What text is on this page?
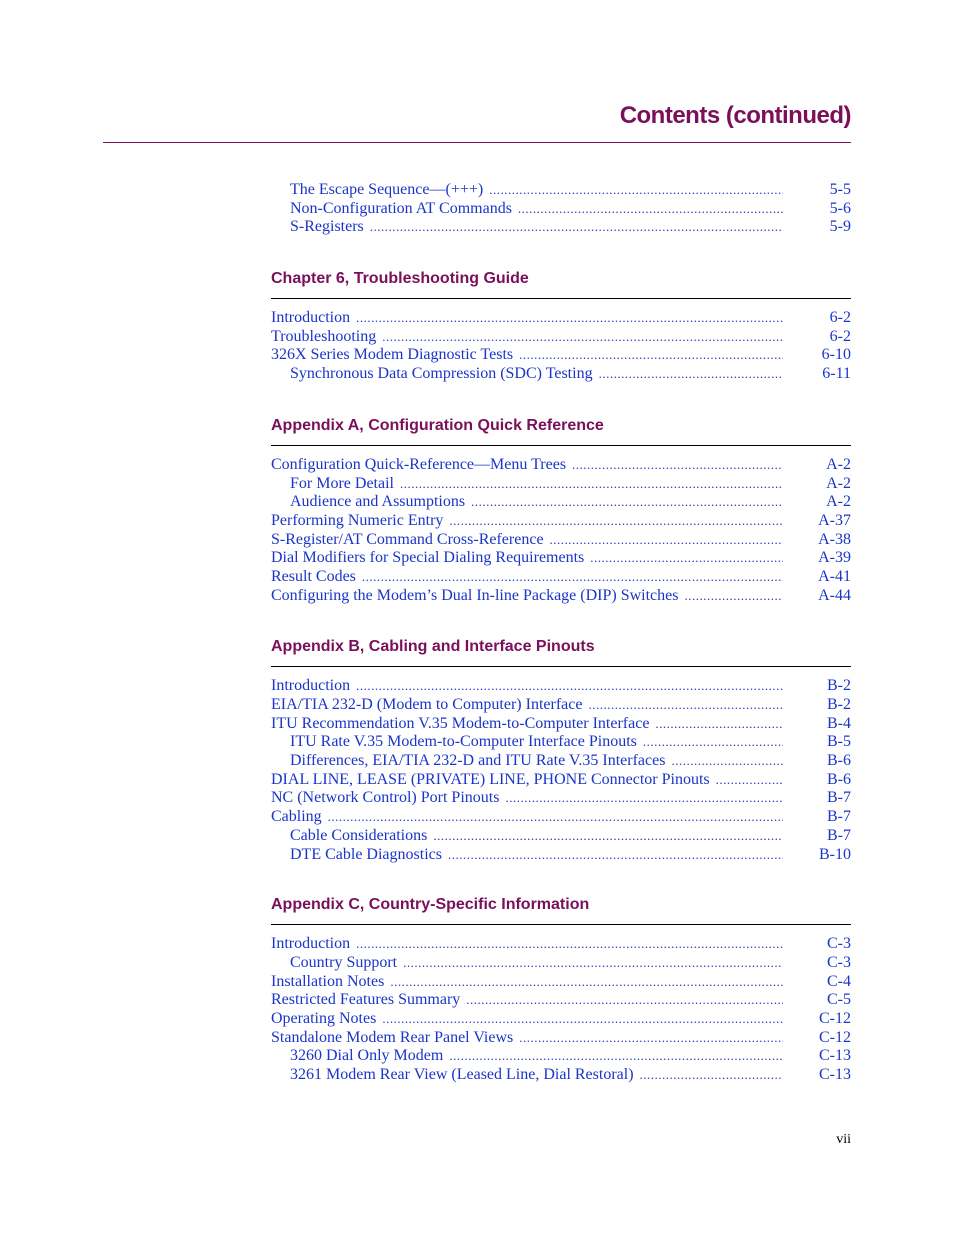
Contents (continued)
The Escape Sequence—(+++) .....	5-5
Non-Configuration AT Commands .....	5-6
S-Registers .....	5-9
Chapter 6, Troubleshooting Guide
Introduction .....	6-2
Troubleshooting .....	6-2
326X Series Modem Diagnostic Tests .....	6-10
Synchronous Data Compression (SDC) Testing .....	6-11
Appendix A, Configuration Quick Reference
Configuration Quick-Reference—Menu Trees .....	A-2
For More Detail .....	A-2
Audience and Assumptions .....	A-2
Performing Numeric Entry .....	A-37
S-Register/AT Command Cross-Reference .....	A-38
Dial Modifiers for Special Dialing Requirements .....	A-39
Result Codes .....	A-41
Configuring the Modem’s Dual In-line Package (DIP) Switches .....	A-44
Appendix B, Cabling and Interface Pinouts
Introduction .....	B-2
EIA/TIA 232-D (Modem to Computer) Interface .....	B-2
ITU Recommendation V.35 Modem-to-Computer Interface .....	B-4
ITU Rate V.35 Modem-to-Computer Interface Pinouts .....	B-5
Differences, EIA/TIA 232-D and ITU Rate V.35 Interfaces .....	B-6
DIAL LINE, LEASE (PRIVATE) LINE, PHONE Connector Pinouts .....	B-6
NC (Network Control) Port Pinouts .....	B-7
Cabling .....	B-7
Cable Considerations .....	B-7
DTE Cable Diagnostics .....	B-10
Appendix C, Country-Specific Information
Introduction .....	C-3
Country Support .....	C-3
Installation Notes .....	C-4
Restricted Features Summary .....	C-5
Operating Notes .....	C-12
Standalone Modem Rear Panel Views .....	C-12
3260 Dial Only Modem .....	C-13
3261 Modem Rear View (Leased Line, Dial Restoral) .....	C-13
vii
